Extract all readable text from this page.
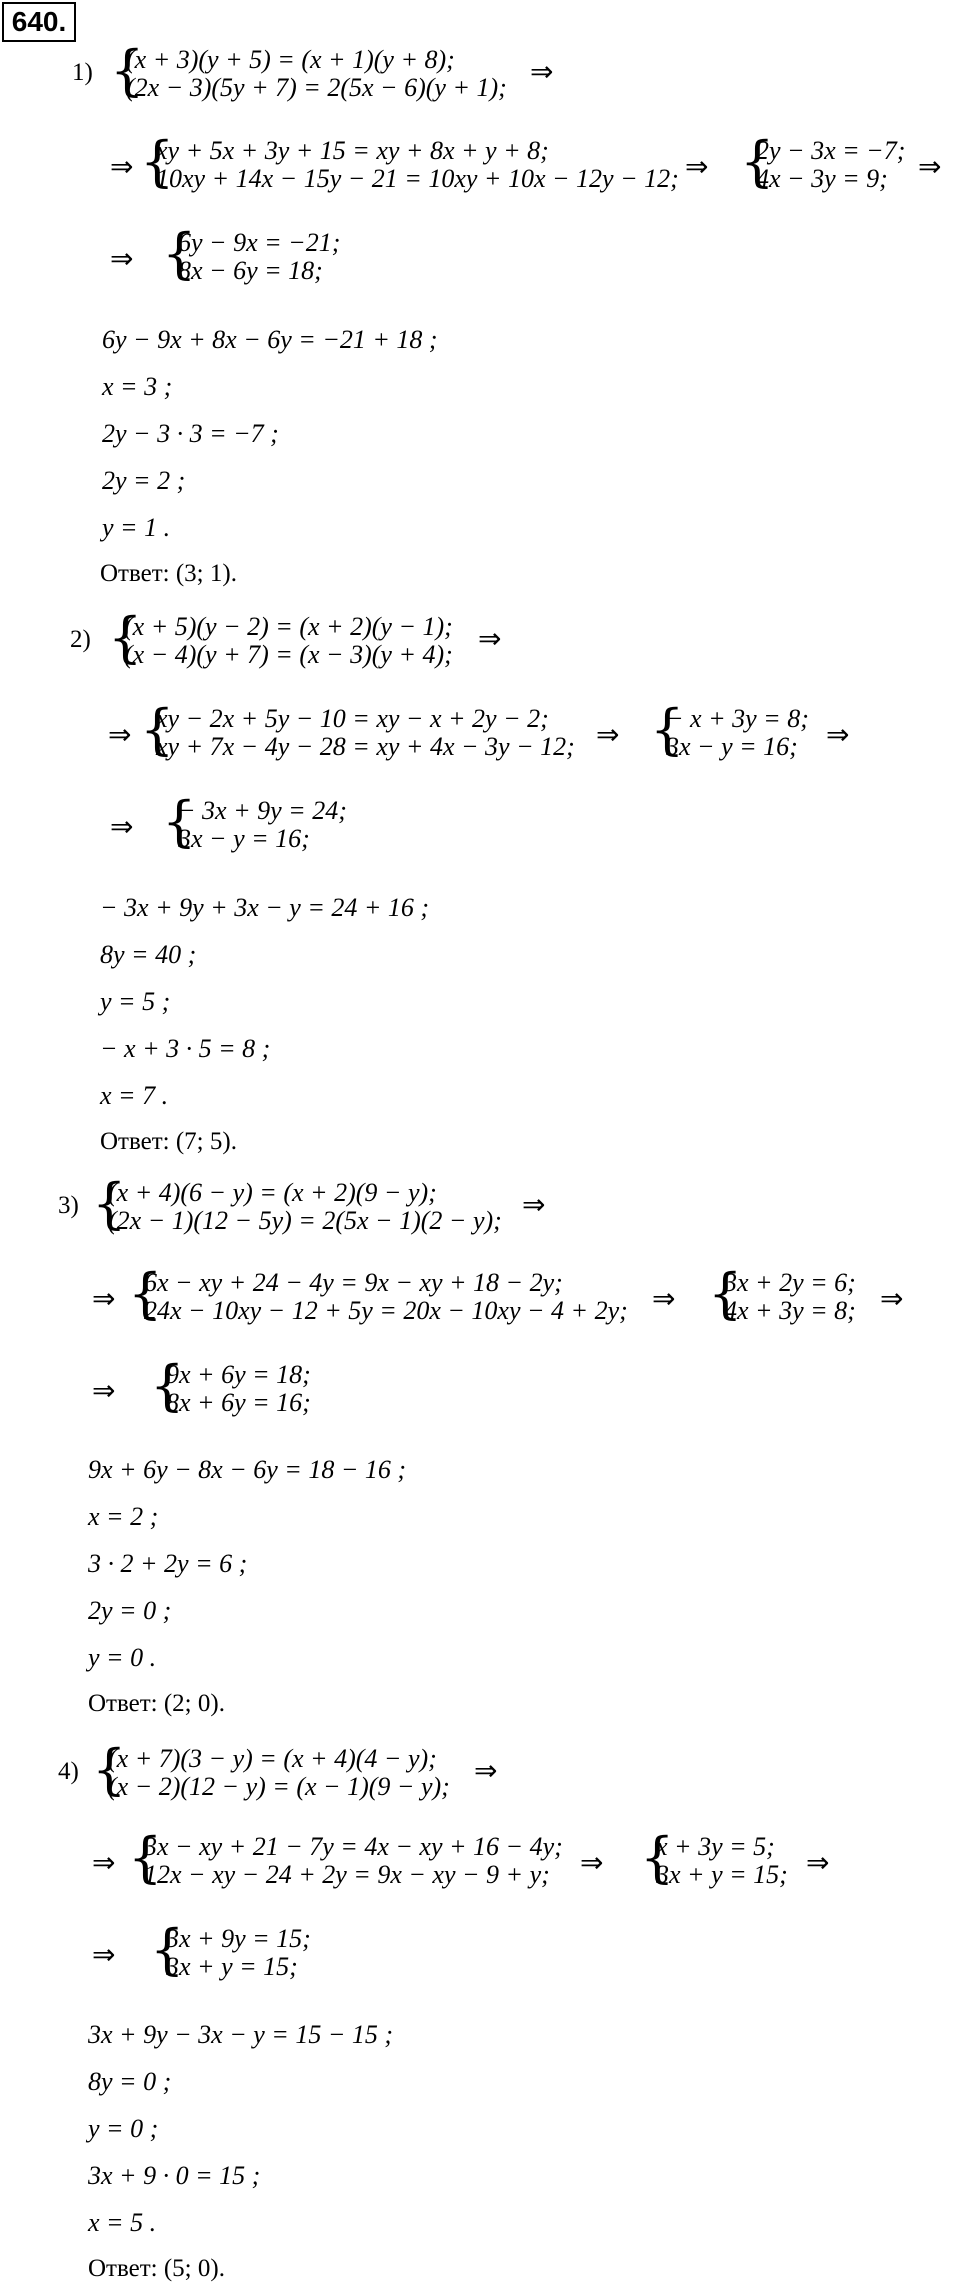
640.
1) {
(x + 3)(y + 5) = (x + 1)(y + 8);
(2x − 3)(5y + 7) = 2(5x − 6)(y + 1); ⇒
⇒ {
xy + 5x + 3y + 15 = xy + 8x + y + 8;
10xy + 14x − 15y − 21 = 10xy + 10x − 12y − 12; ⇒ {
2y − 3x = −7;
4x − 3y = 9; ⇒
⇒ {
6y − 9x = −21;
8x − 6y = 18;
6y − 9x + 8x − 6y = −21 + 18 ;
x = 3 ;
2y − 3 · 3 = −7 ;
2y = 2 ;
y = 1 .
Ответ: (3; 1).
2) {
(x + 5)(y − 2) = (x + 2)(y − 1);
(x − 4)(y + 7) = (x − 3)(y + 4); ⇒
⇒ {
xy − 2x + 5y − 10 = xy − x + 2y − 2;
xy + 7x − 4y − 28 = xy + 4x − 3y − 12; ⇒ {
− x + 3y = 8;
3x − y = 16; ⇒
⇒ {
− 3x + 9y = 24;
3x − y = 16;
− 3x + 9y + 3x − y = 24 + 16 ;
8y = 40 ;
y = 5 ;
− x + 3 · 5 = 8 ;
x = 7 .
Ответ: (7; 5).
3) {
(x + 4)(6 − y) = (x + 2)(9 − y);
(2x − 1)(12 − 5y) = 2(5x − 1)(2 − y); ⇒
⇒ {
6x − xy + 24 − 4y = 9x − xy + 18 − 2y;
24x − 10xy − 12 + 5y = 20x − 10xy − 4 + 2y; ⇒ {
3x + 2y = 6;
4x + 3y = 8; ⇒
⇒ {
9x + 6y = 18;
8x + 6y = 16;
9x + 6y − 8x − 6y = 18 − 16 ;
x = 2 ;
3 · 2 + 2y = 6 ;
2y = 0 ;
y = 0 .
Ответ: (2; 0).
4) {
(x + 7)(3 − y) = (x + 4)(4 − y);
(x − 2)(12 − y) = (x − 1)(9 − y); ⇒
⇒ {
3x − xy + 21 − 7y = 4x − xy + 16 − 4y;
12x − xy − 24 + 2y = 9x − xy − 9 + y; ⇒ {
x + 3y = 5;
3x + y = 15; ⇒
⇒ {
3x + 9y = 15;
3x + y = 15;
3x + 9y − 3x − y = 15 − 15 ;
8y = 0 ;
y = 0 ;
3x + 9 · 0 = 15 ;
x = 5 .
Ответ: (5; 0).
